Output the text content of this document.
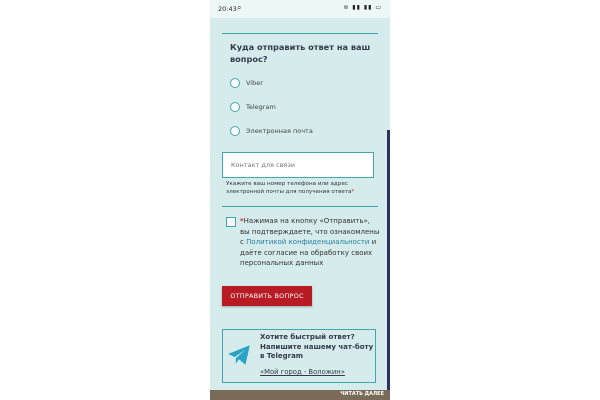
20:43 ⌕	≋ ▮▮ ▮▮ ▭
Куда отправить ответ на ваш вопрос?
Viber
Telegram
Электронная почта
Контакт для связи
Укажите ваш номер телефона или адрес электронной почты для получения ответа*
*Нажимая на кнопку «Отправить», вы подтверждаете, что ознакомлены с Политикой конфиденциальности и даёте согласие на обработку своих персональных данных
ОТПРАВИТЬ ВОПРОС
Хотите быстрый ответ? Напишите нашему чат-боту в Telegram
«Мой город - Воложин»
ЧИТАТЬ ДАЛЕЕ
